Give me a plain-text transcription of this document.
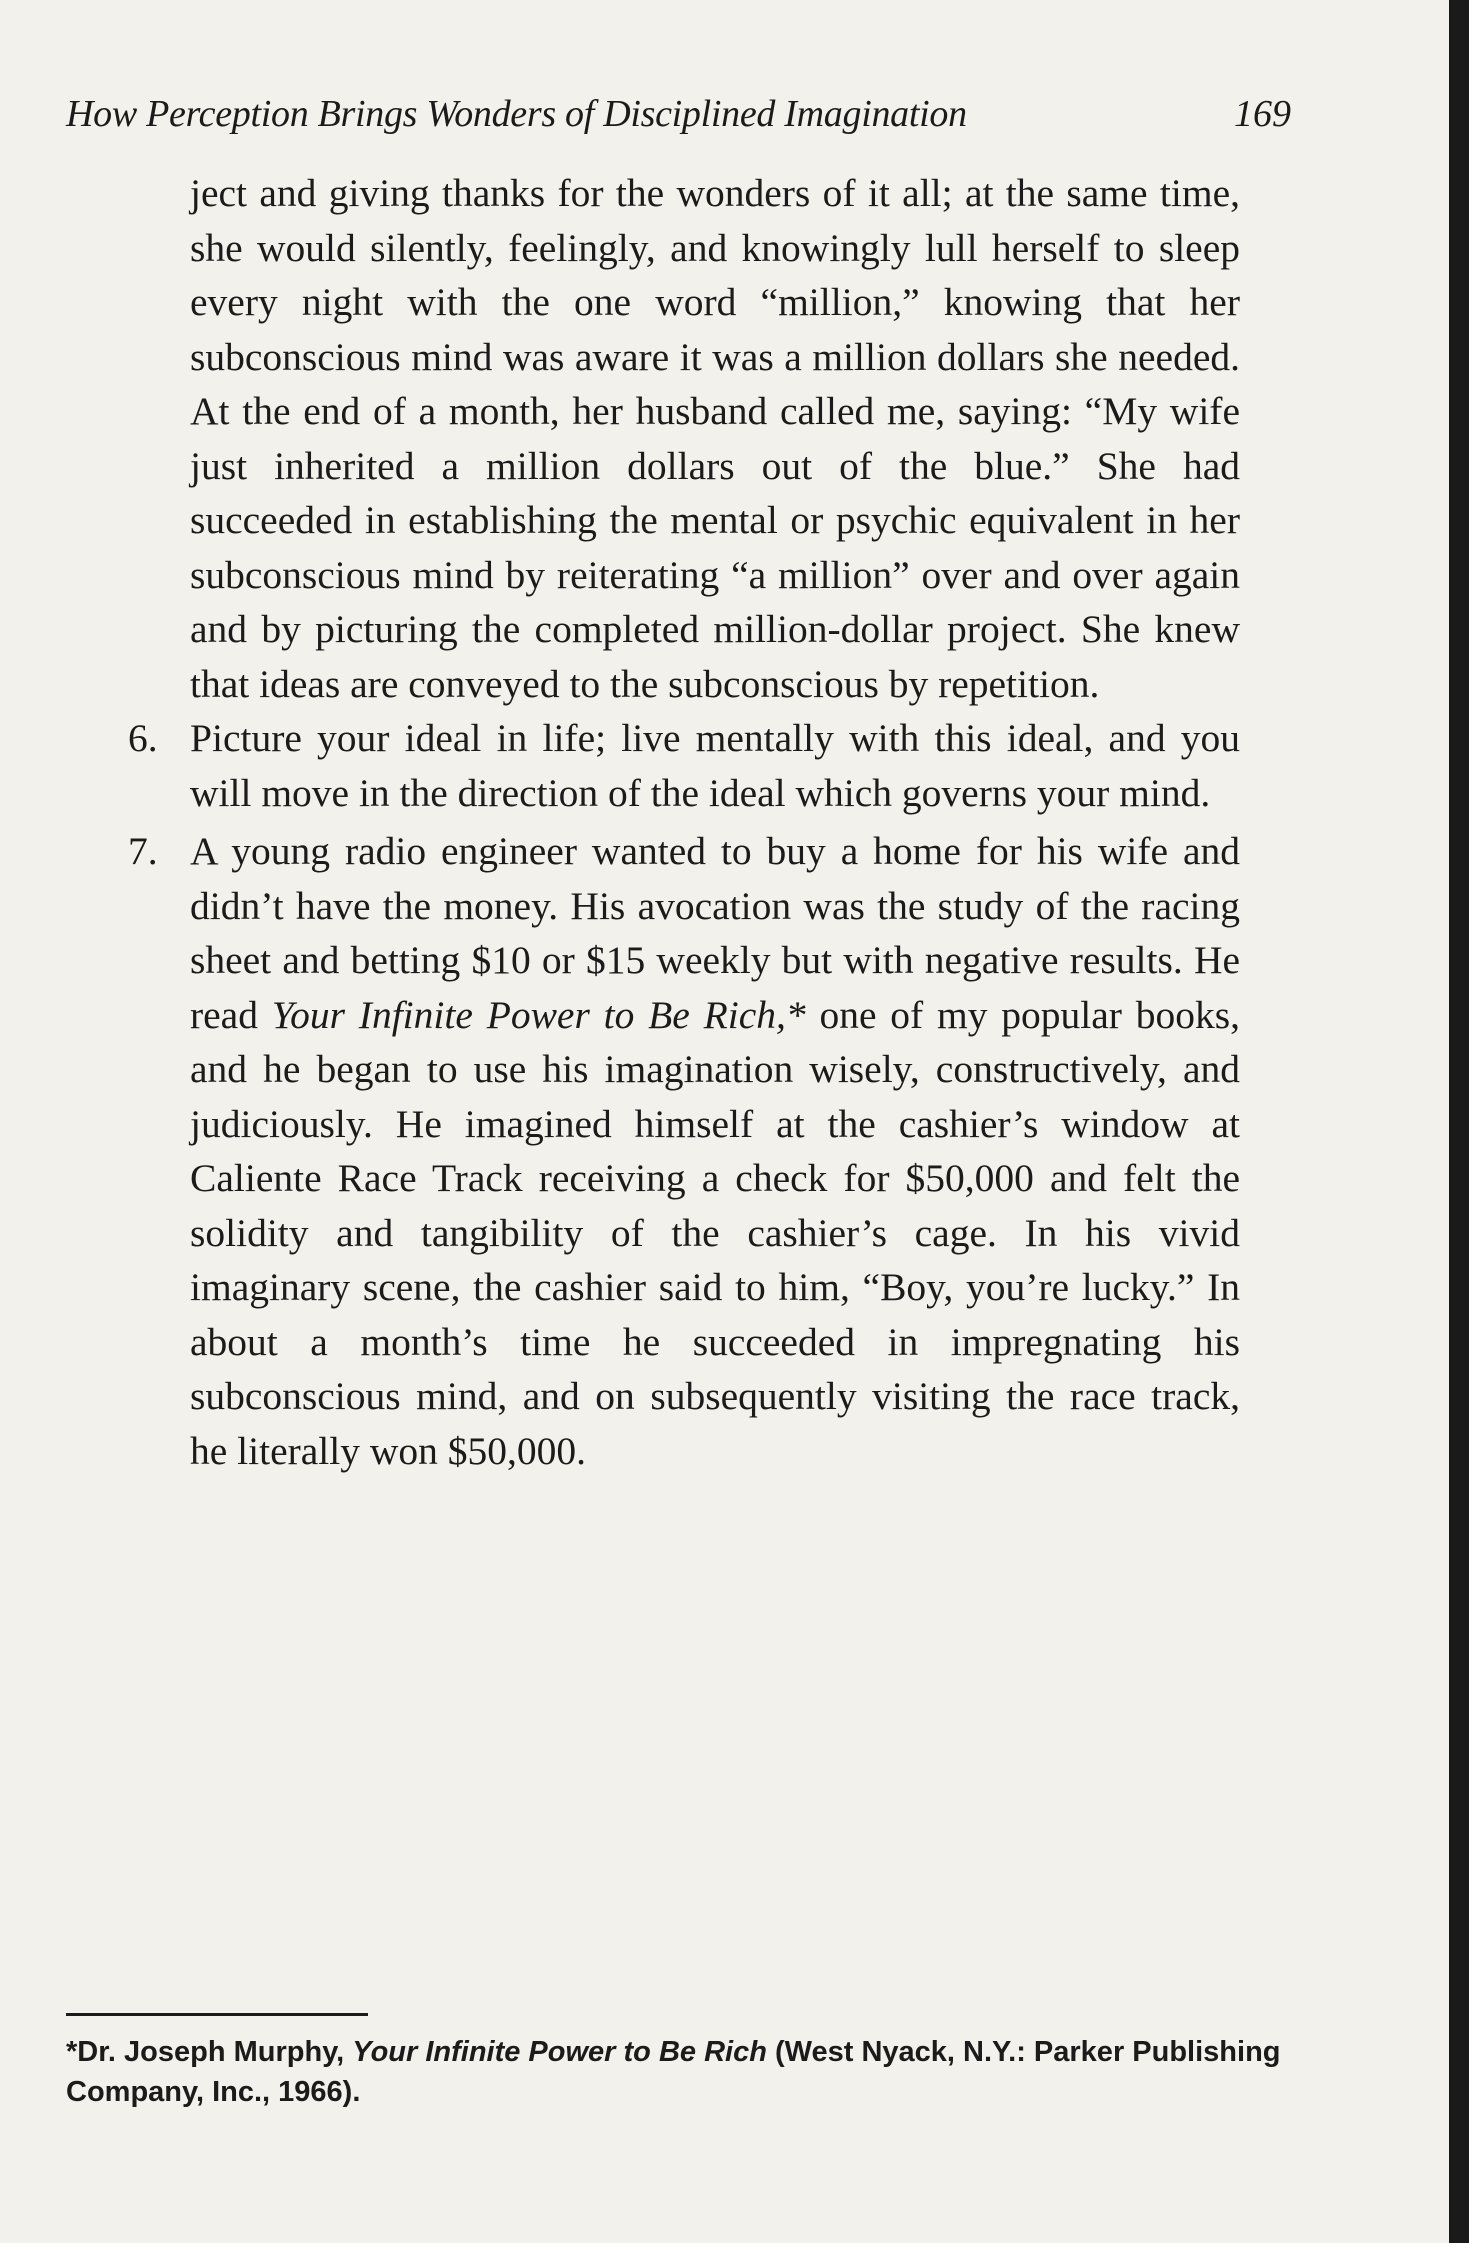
How Perception Brings Wonders of Disciplined Imagination	169

ject and giving thanks for the wonders of it all; at the same time, she would silently, feelingly, and knowingly lull herself to sleep every night with the one word “million,” knowing that her subconscious mind was aware it was a million dollars she needed. At the end of a month, her husband called me, saying: “My wife just inherited a million dollars out of the blue.” She had succeeded in establishing the mental or psychic equivalent in her subconscious mind by reiterating “a million” over and over again and by picturing the completed million-dollar project. She knew that ideas are conveyed to the subconscious by repetition.

6. Picture your ideal in life; live mentally with this ideal, and you will move in the direction of the ideal which governs your mind.

7. A young radio engineer wanted to buy a home for his wife and didn’t have the money. His avocation was the study of the racing sheet and betting $10 or $15 weekly but with negative results. He read Your Infinite Power to Be Rich,* one of my popular books, and he began to use his imagination wisely, constructively, and judiciously. He imagined himself at the cashier’s window at Caliente Race Track receiving a check for $50,000 and felt the solidity and tangibility of the cashier’s cage. In his vivid imaginary scene, the cashier said to him, “Boy, you’re lucky.” In about a month’s time he succeeded in impregnating his subconscious mind, and on subsequently visiting the race track, he literally won $50,000.

*Dr. Joseph Murphy, Your Infinite Power to Be Rich (West Nyack, N.Y.: Parker Publishing Company, Inc., 1966).
